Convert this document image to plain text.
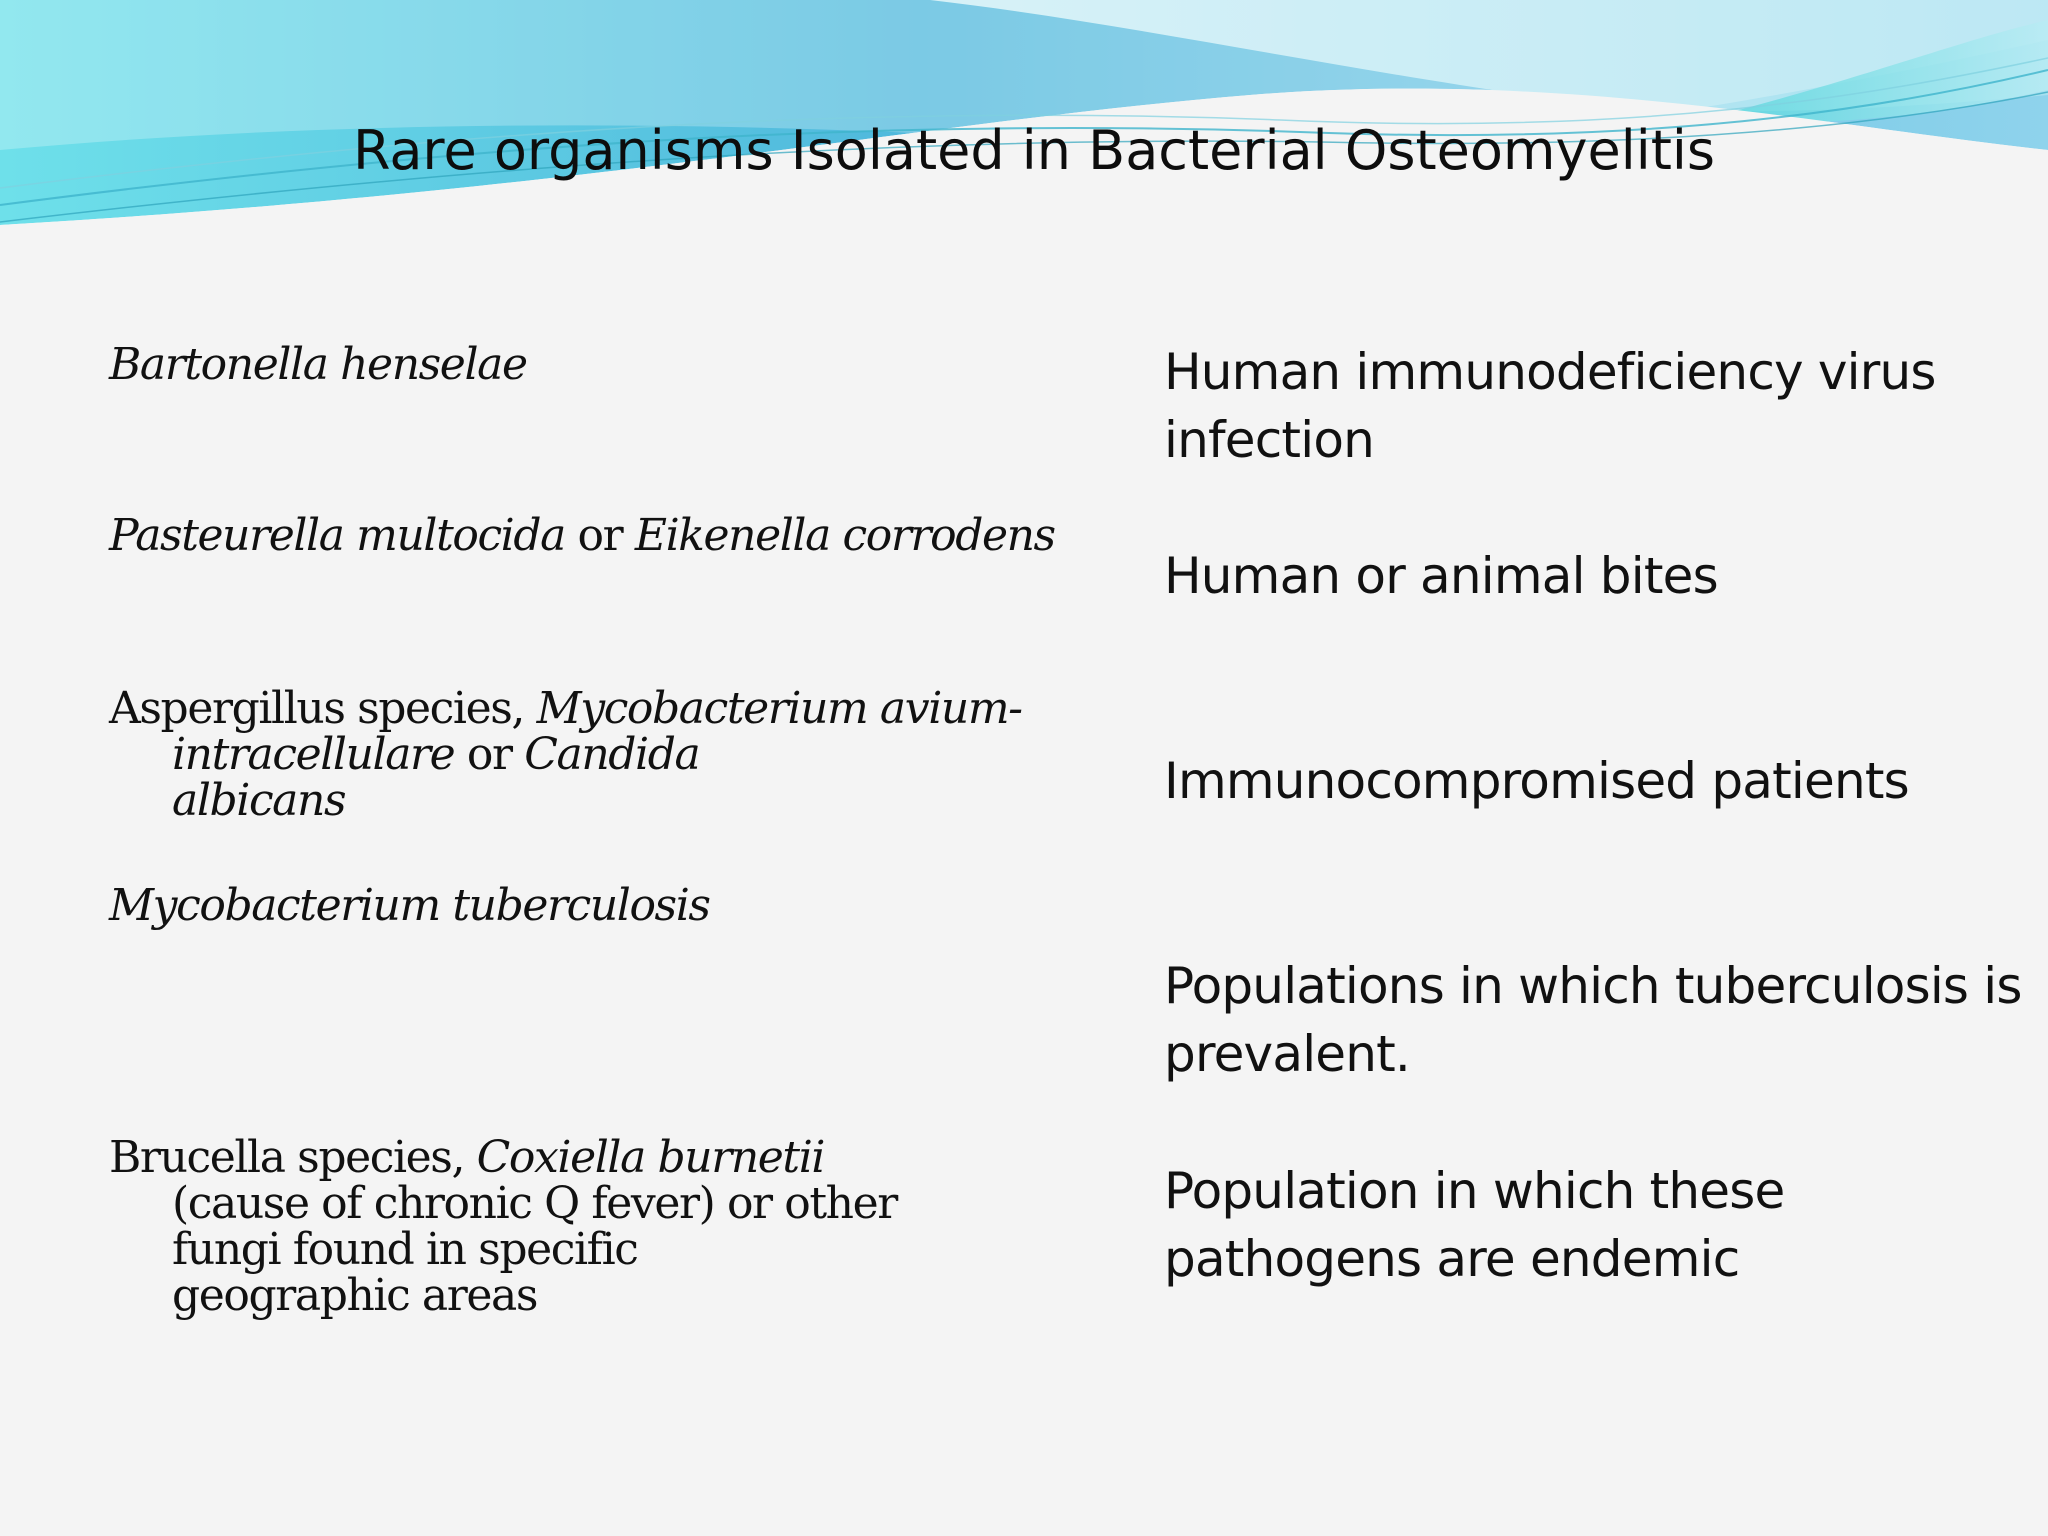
Rare organisms Isolated in Bacterial Osteomyelitis

Bartonella henselae	Human immunodeficiency virus infection

Pasteurella multocida or Eikenella corrodens

Human or animal bites

Aspergillus species, Mycobacterium avium-
intracellulare or Candida
albicans	Immunocompromised patients

Mycobacterium tuberculosis

Populations in which tuberculosis is prevalent.

Brucella species, Coxiella burnetii
(cause of chronic Q fever) or other
fungi found in specific
geographic areas

Population in which these pathogens are endemic
